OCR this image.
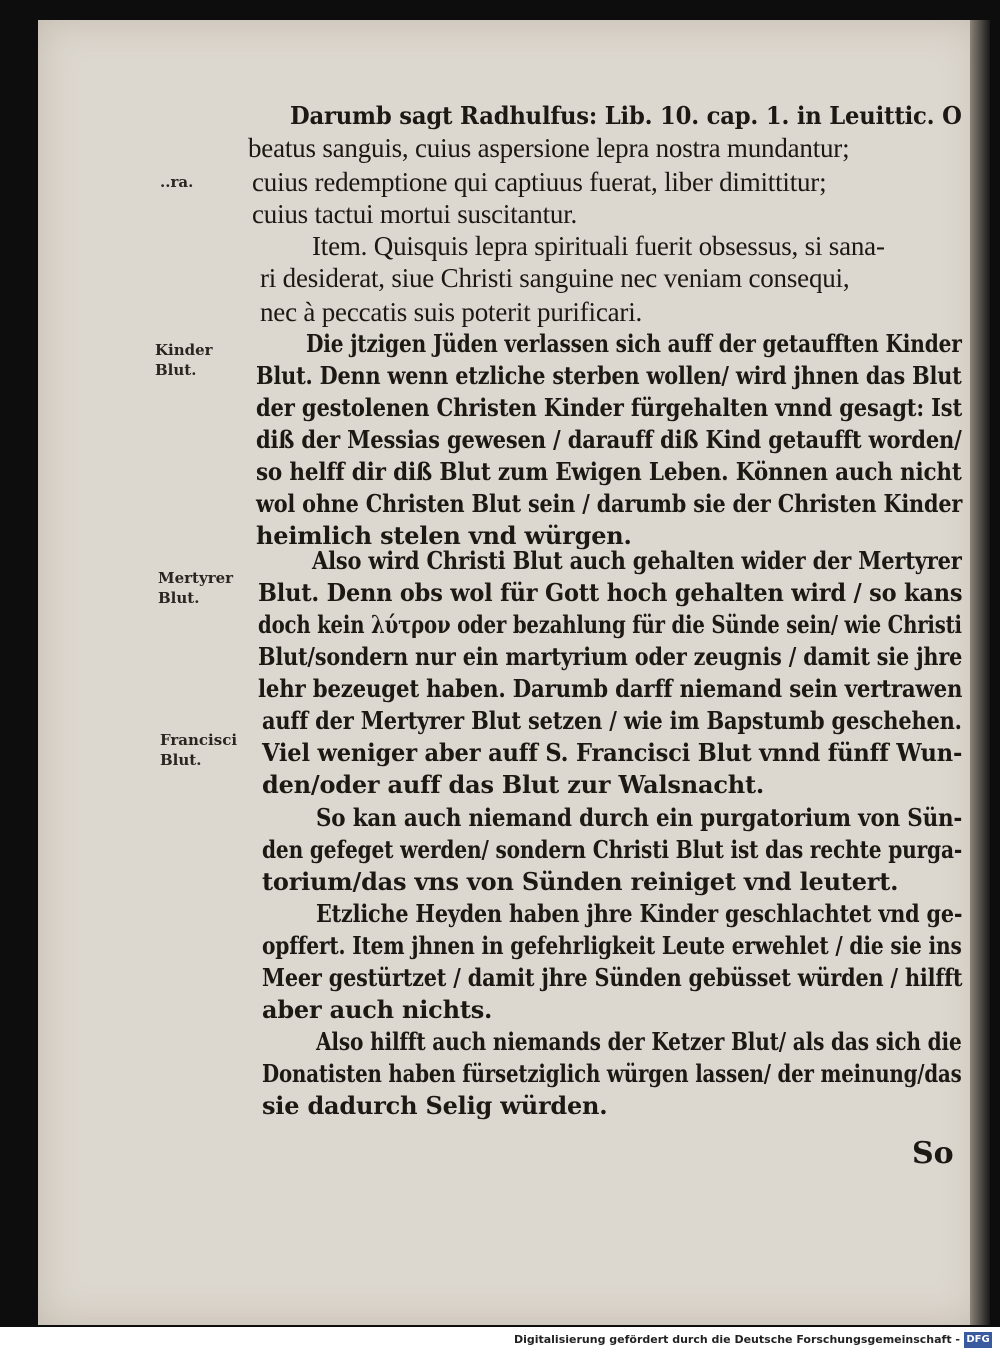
Darumb sagt Radhulfus: Lib. 10. cap. 1. in Leuittic. O
beatus sanguis, cuius aspersione lepra nostra mundantur;
cuius redemptione qui captiuus fuerat, liber dimittitur;
cuius tactui mortui suscitantur.
Item. Quisquis lepra spirituali fuerit obsessus, si sana-
ri desiderat, siue Christi sanguine nec veniam consequi,
nec à peccatis suis poterit purificari.
Die jtzigen Jüden verlassen sich auff der getaufften Kinder
Blut. Denn wenn etzliche sterben wollen/ wird jhnen das Blut
der gestolenen Christen Kinder fürgehalten vnnd gesagt: Ist
diß der Messias gewesen / darauff diß Kind getaufft worden/
so helff dir diß Blut zum Ewigen Leben. Können auch nicht
wol ohne Christen Blut sein / darumb sie der Christen Kinder
heimlich stelen vnd würgen.
Also wird Christi Blut auch gehalten wider der Mertyrer
Blut. Denn obs wol für Gott hoch gehalten wird / so kans
doch kein λύτρον oder bezahlung für die Sünde sein/ wie Christi
Blut/sondern nur ein martyrium oder zeugnis / damit sie jhre
lehr bezeuget haben. Darumb darff niemand sein vertrawen
auff der Mertyrer Blut setzen / wie im Bapstumb geschehen.
Viel weniger aber auff S. Francisci Blut vnnd fünff Wun-
den/oder auff das Blut zur Walsnacht.
So kan auch niemand durch ein purgatorium von Sün-
den gefeget werden/ sondern Christi Blut ist das rechte purga-
torium/das vns von Sünden reiniget vnd leutert.
Etzliche Heyden haben jhre Kinder geschlachtet vnd ge-
opffert. Item jhnen in gefehrligkeit Leute erwehlet / die sie ins
Meer gestürtzet / damit jhre Sünden gebüsset würden / hilfft
aber auch nichts.
Also hilfft auch niemands der Ketzer Blut/ als das sich die
Donatisten haben fürsetziglich würgen lassen/ der meinung/das
sie dadurch Selig würden.
..ra.
Kinder
Blut.
Mertyrer
Blut.
Francisci
Blut.
So
Digitalisierung gefördert durch die Deutsche Forschungsgemeinschaft - DFG
